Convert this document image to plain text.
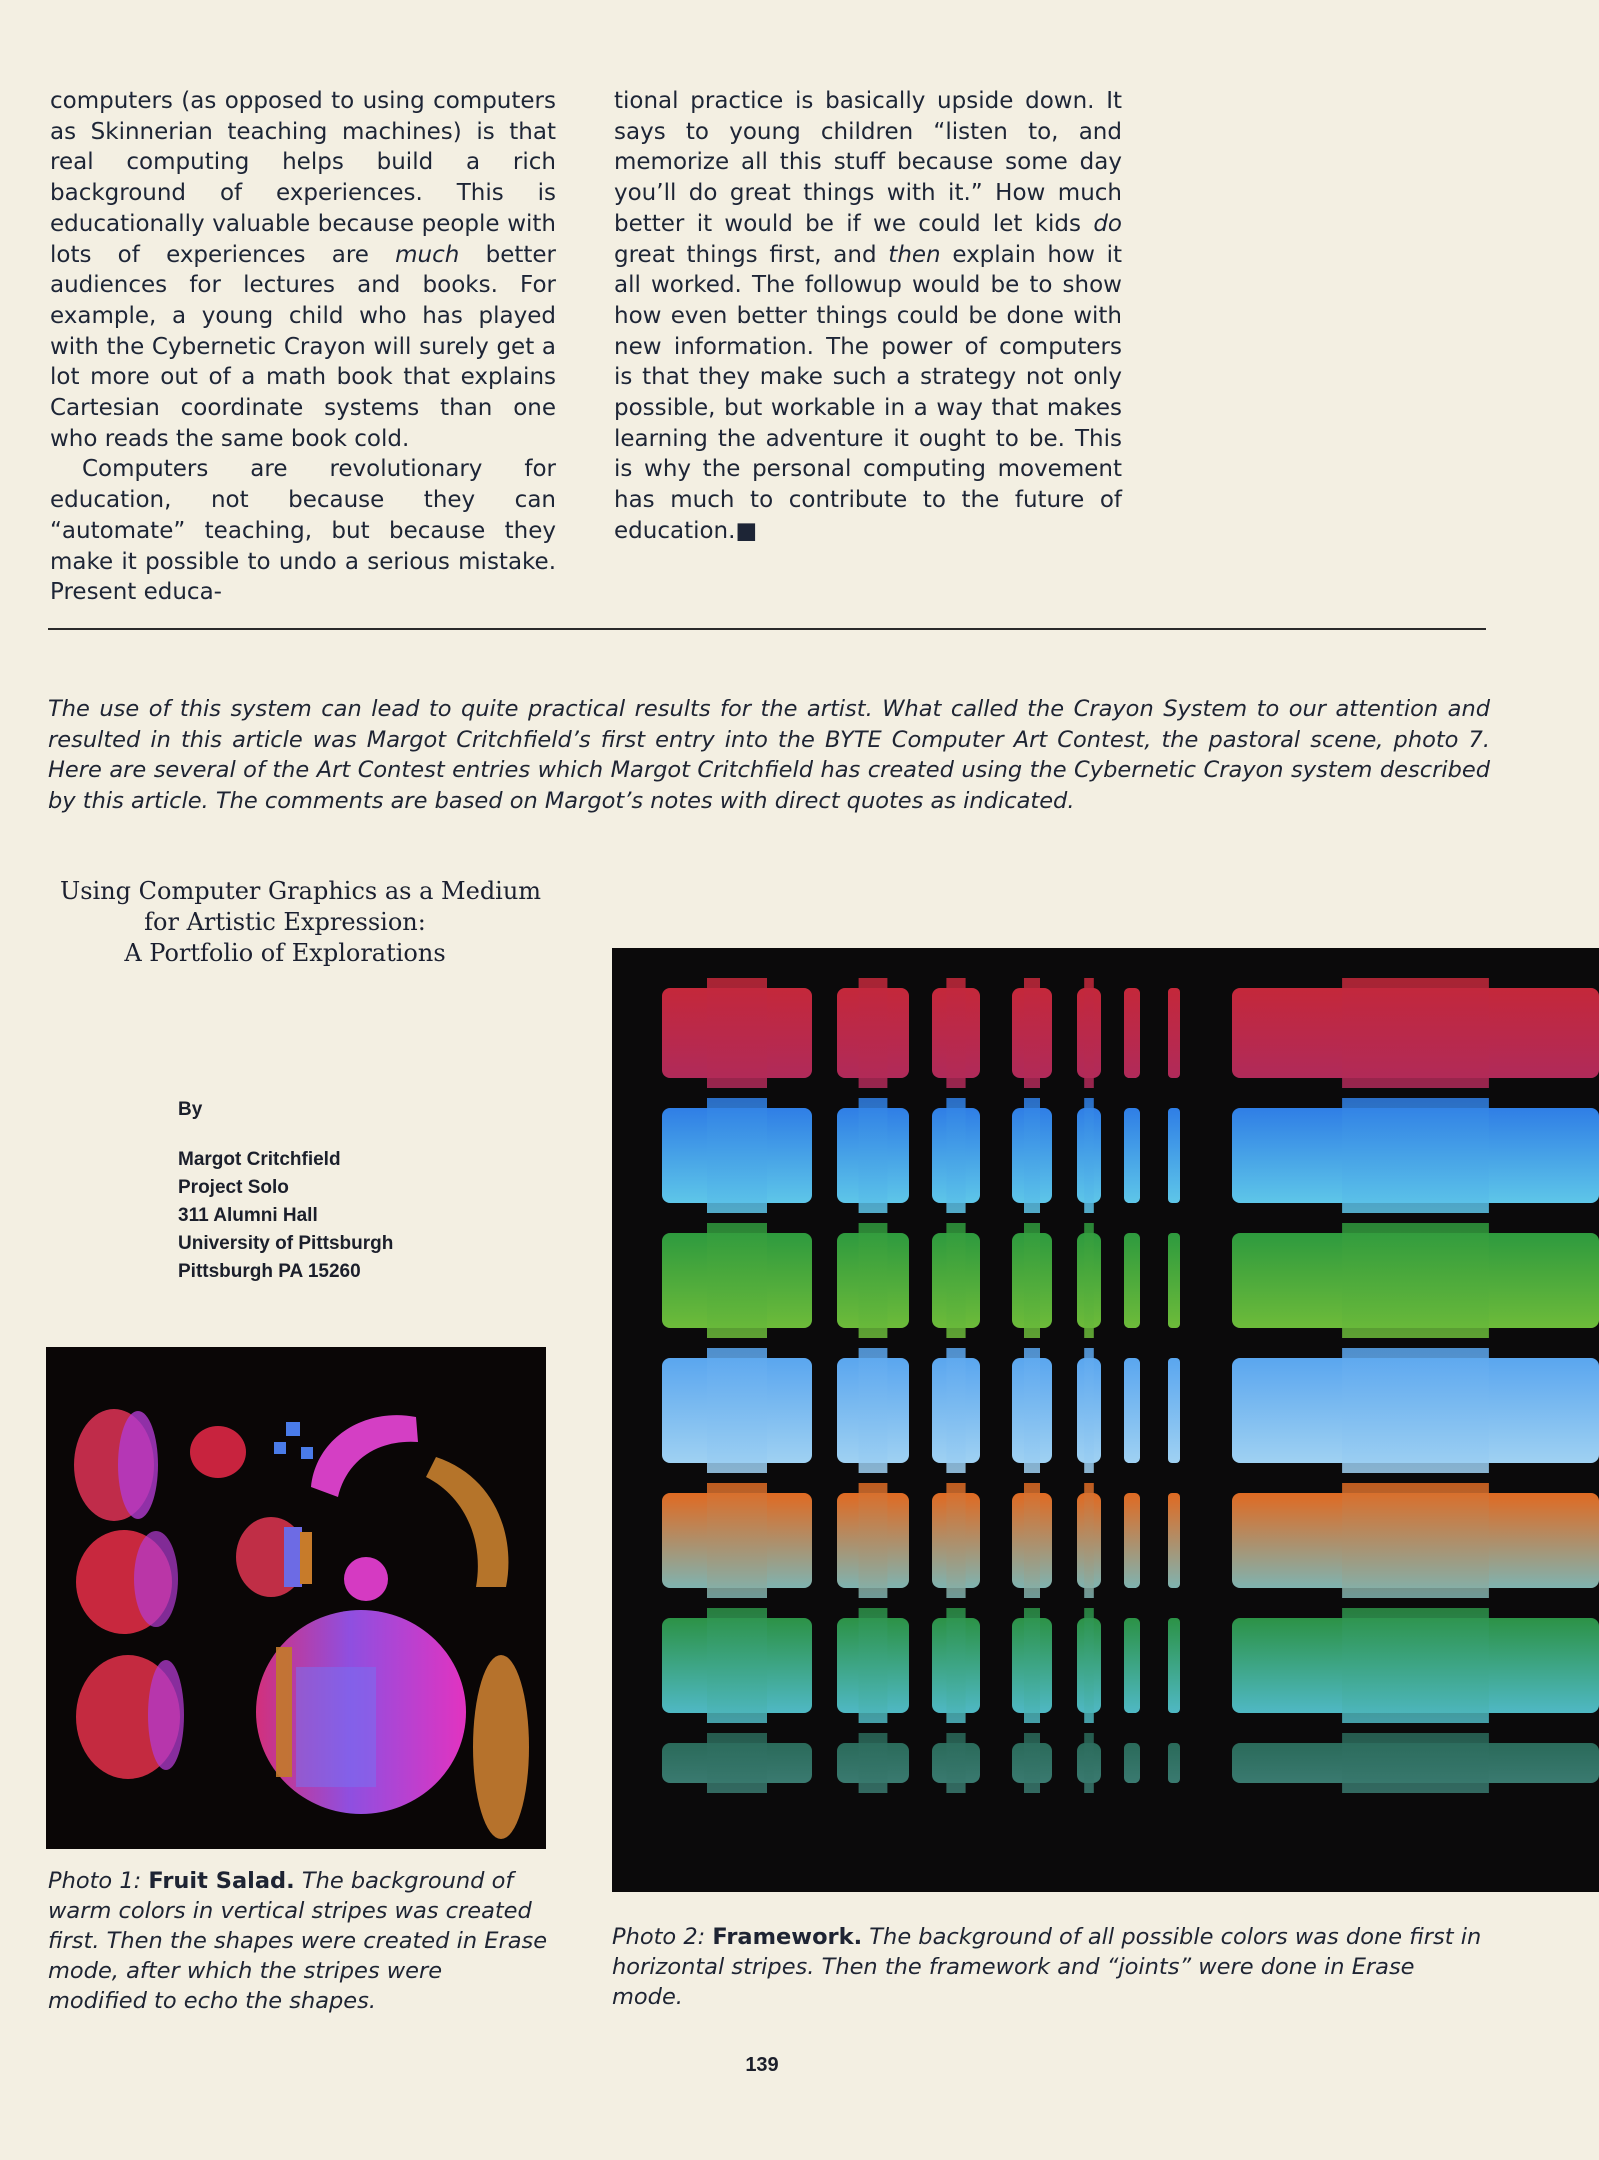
computers (as opposed to using computers as Skinnerian teaching machines) is that real computing helps build a rich background of experiences. This is educationally valuable because people with lots of experiences are much better audiences for lectures and books. For example, a young child who has played with the Cybernetic Crayon will surely get a lot more out of a math book that explains Cartesian coordinate systems than one who reads the same book cold.

Computers are revolutionary for education, not because they can “automate” teaching, but because they make it possible to undo a serious mistake. Present educa-

tional practice is basically upside down. It says to young children “listen to, and memorize all this stuff because some day you’ll do great things with it.” How much better it would be if we could let kids do great things first, and then explain how it all worked. The followup would be to show how even better things could be done with new information. The power of computers is that they make such a strategy not only possible, but workable in a way that makes learning the adventure it ought to be. This is why the personal computing movement has much to contribute to the future of education.■

The use of this system can lead to quite practical results for the artist. What called the Crayon System to our attention and resulted in this article was Margot Critchfield’s first entry into the BYTE Computer Art Contest, the pastoral scene, photo 7. Here are several of the Art Contest entries which Margot Critchfield has created using the Cybernetic Crayon system described by this article. The comments are based on Margot’s notes with direct quotes as indicated.
Using Computer Graphics as a Medium
for Artistic Expression:
A Portfolio of Explorations
By
Margot Critchfield
Project Solo
311 Alumni Hall
University of Pittsburgh
Pittsburgh PA 15260
Photo 1: Fruit Salad. The background of warm colors in vertical stripes was created first. Then the shapes were created in Erase mode, after which the stripes were modified to echo the shapes.
Photo 2: Framework. The background of all possible colors was done first in horizontal stripes. Then the framework and “joints” were done in Erase mode.
139
